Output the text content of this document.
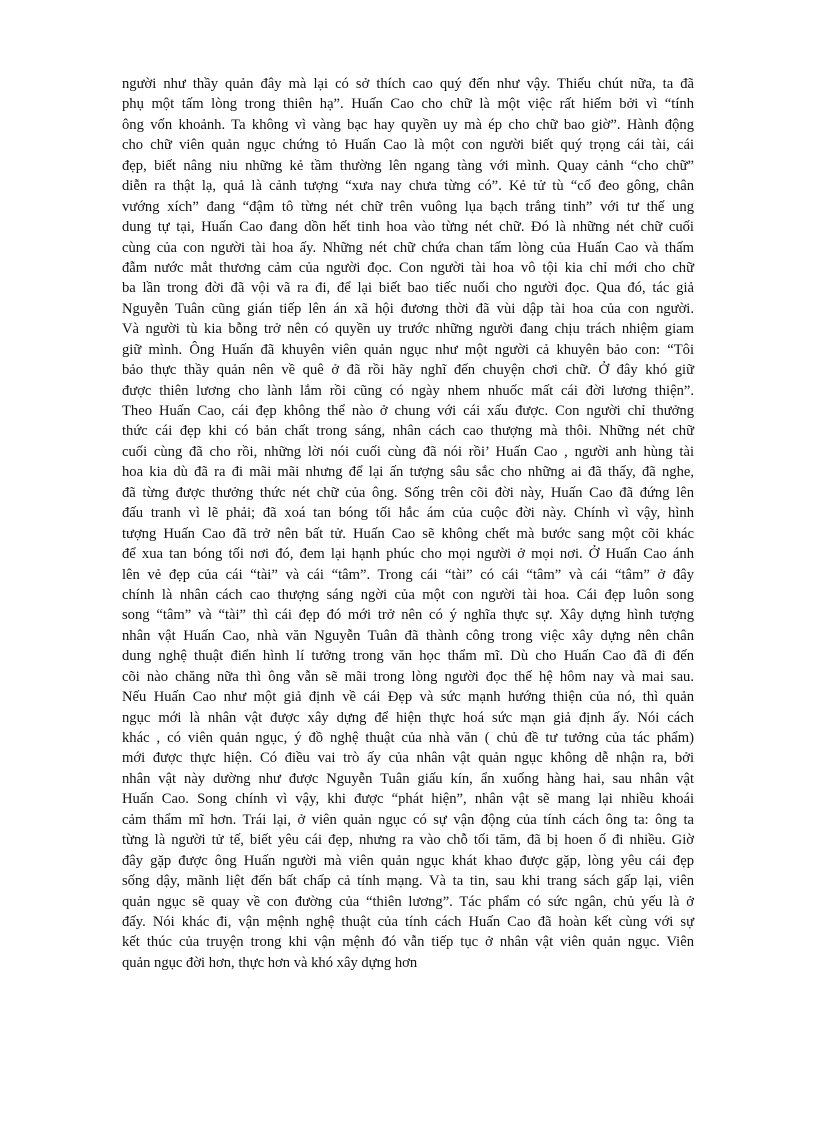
người như thầy quản đây mà lại có sở thích cao quý đến như vậy. Thiếu chút nữa, ta đã
phụ một tấm lòng trong thiên hạ”. Huấn Cao cho chữ là một việc rất hiếm bởi vì “tính
ông vốn khoảnh. Ta không vì vàng bạc hay quyền uy mà ép cho chữ bao giờ”. Hành động
cho chữ viên quản ngục chứng tỏ Huấn Cao là một con người biết quý trọng cái tài, cái
đẹp, biết nâng niu những kẻ tầm thường lên ngang tàng với mình. Quay cảnh “cho chữ”
diễn ra thật lạ, quả là cảnh tượng “xưa nay chưa từng có”. Kẻ tử tù “cổ đeo gông, chân
vướng xích” đang “đậm tô từng nét chữ trên vuông lụa bạch trắng tinh” với tư thế ung
dung tự tại, Huấn Cao đang dồn hết tinh hoa vào từng nét chữ. Đó là những nét chữ cuối
cùng của con người tài hoa ấy. Những nét chữ chứa chan tấm lòng của Huấn Cao và thấm
đẫm nước mắt thương cảm của người đọc. Con người tài hoa vô tội kia chỉ mới cho chữ
ba lần trong đời đã vội vã ra đi, để lại biết bao tiếc nuối cho người đọc. Qua đó, tác giả
Nguyễn Tuân cũng gián tiếp lên án xã hội đương thời đã vùi dập tài hoa của con người.
Và người tù kia bỗng trở nên có quyền uy trước những người đang chịu trách nhiệm giam
giữ mình. Ông Huấn đã khuyên viên quản ngục như một người cả khuyên bảo con: “Tôi
bảo thực thầy quản nên về quê ở đã rồi hãy nghĩ đến chuyện chơi chữ. Ở đây khó giữ
được thiên lương cho lành lắm rồi cũng có ngày nhem nhuốc mất cái đời lương thiện”.
Theo Huấn Cao, cái đẹp không thể nào ở chung với cái xấu được. Con người chỉ thưởng
thức cái đẹp khi có bản chất trong sáng, nhân cách cao thượng mà thôi. Những nét chữ
cuối cùng đã cho rồi, những lời nói cuối cùng đã nói rồi’ Huấn Cao , người anh hùng tài
hoa kia dù đã ra đi mãi mãi nhưng để lại ấn tượng sâu sắc cho những ai đã thấy, đã nghe,
đã từng được thưởng thức nét chữ của ông. Sống trên cõi đời này, Huấn Cao đã đứng lên
đấu tranh vì lẽ phải; đã xoá tan bóng tối hắc ám của cuộc đời này. Chính vì vậy, hình
tượng Huấn Cao đã trở nên bất tử. Huấn Cao sẽ không chết mà bước sang một cõi khác
để xua tan bóng tối nơi đó, đem lại hạnh phúc cho mọi người ở mọi nơi. Ở Huấn Cao ánh
lên vẻ đẹp của cái “tài” và cái “tâm”. Trong cái “tài” có cái “tâm” và cái “tâm” ở đây
chính là nhân cách cao thượng sáng ngời của một con người tài hoa. Cái đẹp luôn song
song “tâm” và “tài” thì cái đẹp đó mới trở nên có ý nghĩa thực sự. Xây dựng hình tượng
nhân vật Huấn Cao, nhà văn Nguyễn Tuân đã thành công trong việc xây dựng nên chân
dung nghệ thuật điển hình lí tưởng trong văn học thẩm mĩ. Dù cho Huấn Cao đã đi đến
cõi nào chăng nữa thì ông vẫn sẽ mãi trong lòng người đọc thế hệ hôm nay và mai sau.
Nếu Huấn Cao như một giả định về cái Đẹp và sức mạnh hướng thiện của nó, thì quản
ngục mới là nhân vật được xây dựng để hiện thực hoá sức mạn giả định ấy. Nói cách
khác , có viên quản ngục, ý đồ nghệ thuật của nhà văn ( chủ đề tư tưởng của tác phẩm)
mới được thực hiện. Có điều vai trò ấy của nhân vật quản ngục không dễ nhận ra, bởi
nhân vật này dường như được Nguyễn Tuân giấu kín, ẩn xuống hàng hai, sau nhân vật
Huấn Cao. Song chính vì vậy, khi được “phát hiện”, nhân vật sẽ mang lại nhiều khoái
cảm thẩm mĩ hơn. Trái lại, ở viên quản ngục có sự vận động của tính cách ông ta: ông ta
từng là người tử tế, biết yêu cái đẹp, nhưng ra vào chỗ tối tăm, đã bị hoen ố đi nhiều. Giờ
đây gặp được ông Huấn người mà viên quản ngục khát khao được gặp, lòng yêu cái đẹp
sống dậy, mãnh liệt đến bất chấp cả tính mạng. Và ta tin, sau khi trang sách gấp lại, viên
quản ngục sẽ quay về con đường của “thiên lương”. Tác phẩm có sức ngân, chủ yếu là ở
đấy. Nói khác đi, vận mệnh nghệ thuật của tính cách Huấn Cao đã hoàn kết cùng với sự
kết thúc của truyện trong khi vận mệnh đó vẫn tiếp tục ở nhân vật viên quản ngục. Viên
quản ngục đời hơn, thực hơn và khó xây dựng hơn
